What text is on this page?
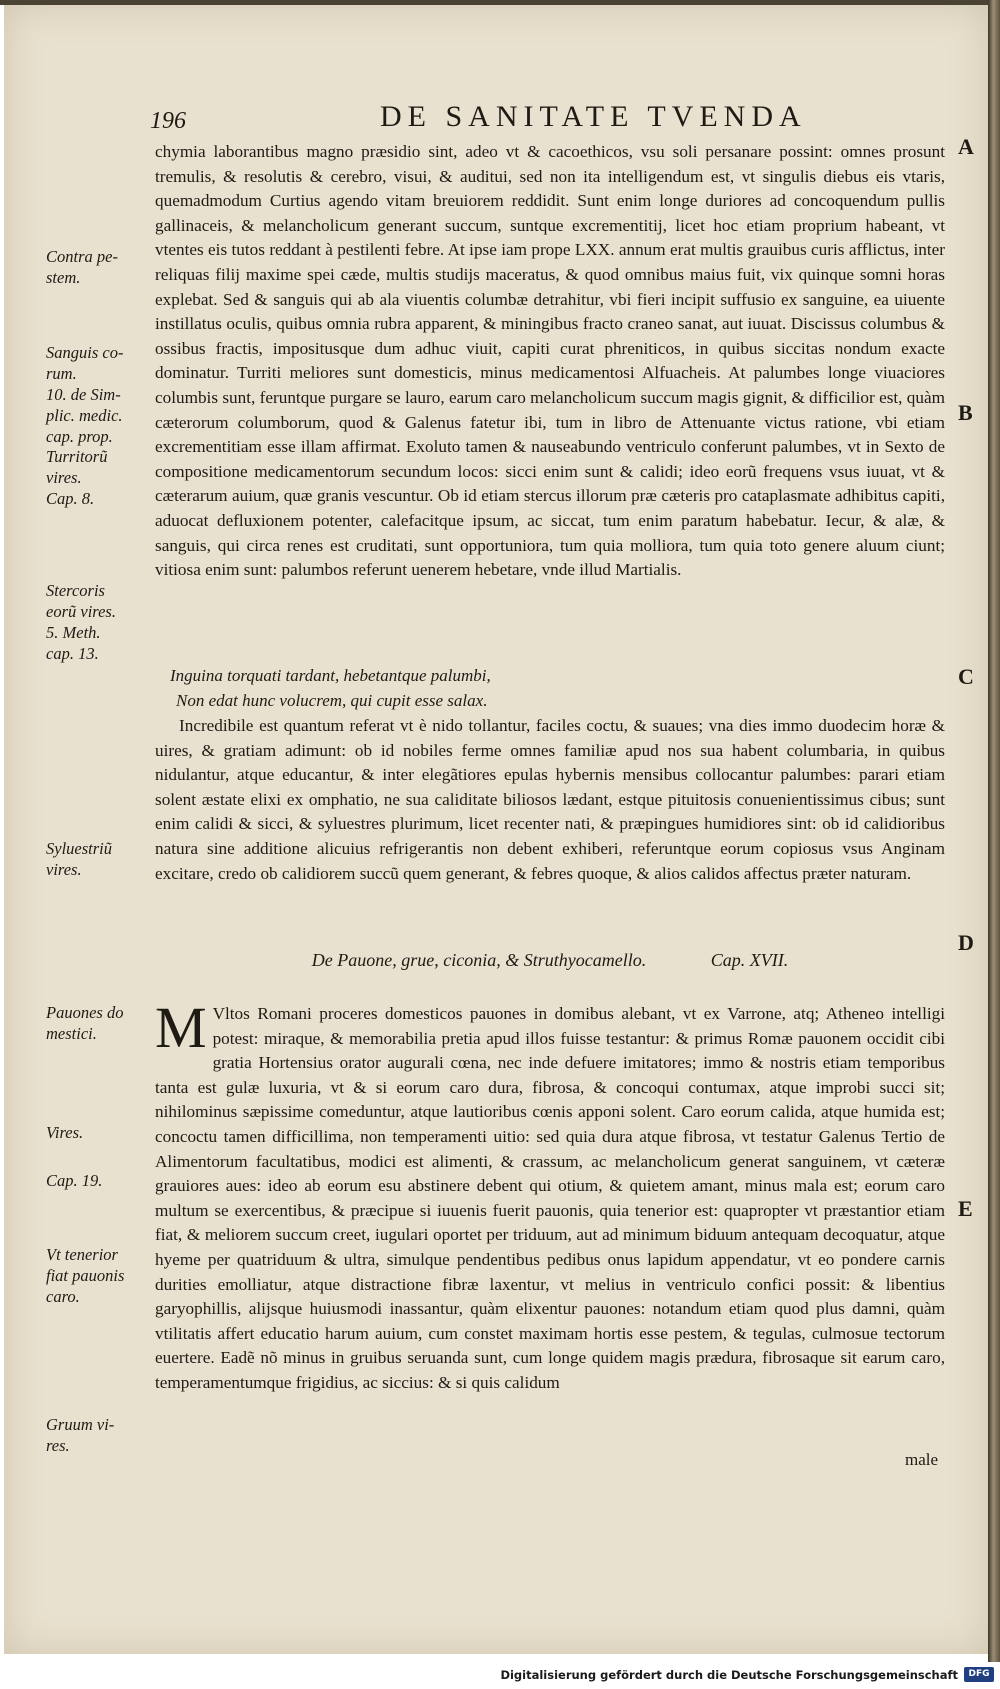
196	DE SANITATE TVENDA
A
B
C
D
E
Contra pe-
stem.
Sanguis co-
rum.
10. de Sim-
plic. medic.
cap. prop.
Turritorũ
vires.
Cap. 8.
Stercoris
eorũ vires.
5. Meth.
cap. 13.
Syluestriũ
vires.
Pauones do
mestici.
Vires.
Cap. 19.
Vt tenerior
fiat pauonis
caro.
Gruum vi-
res.

chymia laborantibus magno præsidio sint, adeo vt & cacoethicos, vsu soli persanare possint: omnes prosunt tremulis, & resolutis & cerebro, visui, & auditui, sed non ita intelligendum est, vt singulis diebus eis vtaris, quemadmodum Curtius agendo vitam breuiorem reddidit. Sunt enim longe duriores ad concoquendum pullis gallinaceis, & melancholicum generant succum, suntque excrementitij, licet hoc etiam proprium habeant, vt vtentes eis tutos reddant à pestilenti febre. At ipse iam prope LXX. annum erat multis grauibus curis afflictus, inter reliquas filij maxime spei cæde, multis studijs maceratus, & quod omnibus maius fuit, vix quinque somni horas explebat. Sed & sanguis qui ab ala viuentis columbæ detrahitur, vbi fieri incipit suffusio ex sanguine, ea uiuente instillatus oculis, quibus omnia rubra apparent, & miningibus fracto craneo sanat, aut iuuat. Discissus columbus & ossibus fractis, impositusque dum adhuc viuit, capiti curat phreniticos, in quibus siccitas nondum exacte dominatur. Turriti meliores sunt domesticis, minus medicamentosi Alfuacheis. At palumbes longe viuaciores columbis sunt, feruntque purgare se lauro, earum caro melancholicum succum magis gignit, & difficilior est, quàm cæterorum columborum, quod & Galenus fatetur ibi, tum in libro de Attenuante victus ratione, vbi etiam excrementitiam esse illam affirmat. Exoluto tamen & nauseabundo ventriculo conferunt palumbes, vt in Sexto de compositione medicamentorum secundum locos: sicci enim sunt & calidi; ideo eorũ frequens vsus iuuat, vt & cæterarum auium, quæ granis vescuntur. Ob id etiam stercus illorum præ cæteris pro cataplasmate adhibitus capiti, aduocat defluxionem potenter, calefacitque ipsum, ac siccat, tum enim paratum habebatur. Iecur, & alæ, & sanguis, qui circa renes est cruditati, sunt opportuniora, tum quia molliora, tum quia toto genere aluum ciunt; vitiosa enim sunt: palumbos referunt uenerem hebetare, vnde illud Martialis.

Inguina torquati tardant, hebetantque palumbi,
Non edat hunc volucrem, qui cupit esse salax.

Incredibile est quantum referat vt è nido tollantur, faciles coctu, & suaues; vna dies immo duodecim horæ & uires, & gratiam adimunt: ob id nobiles ferme omnes familiæ apud nos sua habent columbaria, in quibus nidulantur, atque educantur, & inter elegãtiores epulas hybernis mensibus collocantur palumbes: parari etiam solent æstate elixi ex omphatio, ne sua caliditate biliosos lædant, estque pituitosis conuenientissimus cibus; sunt enim calidi & sicci, & syluestres plurimum, licet recenter nati, & præpingues humidiores sint: ob id calidioribus natura sine additione alicuius refrigerantis non debent exhiberi, referuntque eorum copiosus vsus Anginam excitare, credo ob calidiorem succũ quem generant, & febres quoque, & alios calidos affectus præter naturam.

De Pauone, grue, ciconia, & Struthyocamello.	Cap. XVII.
M Vltos Romani proceres domesticos pauones in domibus alebant, vt ex Varrone, atq; Atheneo intelligi potest: miraque, & memorabilia pretia apud illos fuisse testantur: & primus Romæ pauonem occidit cibi gratia Hortensius orator augurali cœna, nec inde defuere imitatores; immo & nostris etiam temporibus tanta est gulæ luxuria, vt & si eorum caro dura, fibrosa, & concoqui contumax, atque improbi succi sit; nihilominus sæpissime comeduntur, atque lautioribus cœnis apponi solent. Caro eorum calida, atque humida est; concoctu tamen difficillima, non temperamenti uitio: sed quia dura atque fibrosa, vt testatur Galenus Tertio de Alimentorum facultatibus, modici est alimenti, & crassum, ac melancholicum generat sanguinem, vt cæteræ grauiores aues: ideo ab eorum esu abstinere debent qui otium, & quietem amant, minus mala est; eorum caro multum se exercentibus, & præcipue si iuuenis fuerit pauonis, quia tenerior est: quapropter vt præstantior etiam fiat, & meliorem succum creet, iugulari oportet per triduum, aut ad minimum biduum antequam decoquatur, atque hyeme per quatriduum & ultra, simulque pendentibus pedibus onus lapidum appendatur, vt eo pondere carnis durities emolliatur, atque distractione fibræ laxentur, vt melius in ventriculo confici possit: & libentius garyophillis, alijsque huiusmodi inassantur, quàm elixentur pauones: notandum etiam quod plus damni, quàm vtilitatis affert educatio harum auium, cum constet maximam hortis esse pestem, & tegulas, culmosue tectorum euertere. Eadẽ nõ minus in gruibus seruanda sunt, cum longe quidem magis prædura, fibrosaque sit earum caro, temperamentumque frigidius, ac siccius: & si quis calidum

male
Digitalisierung gefördert durch die Deutsche Forschungsgemeinschaft	DFG
